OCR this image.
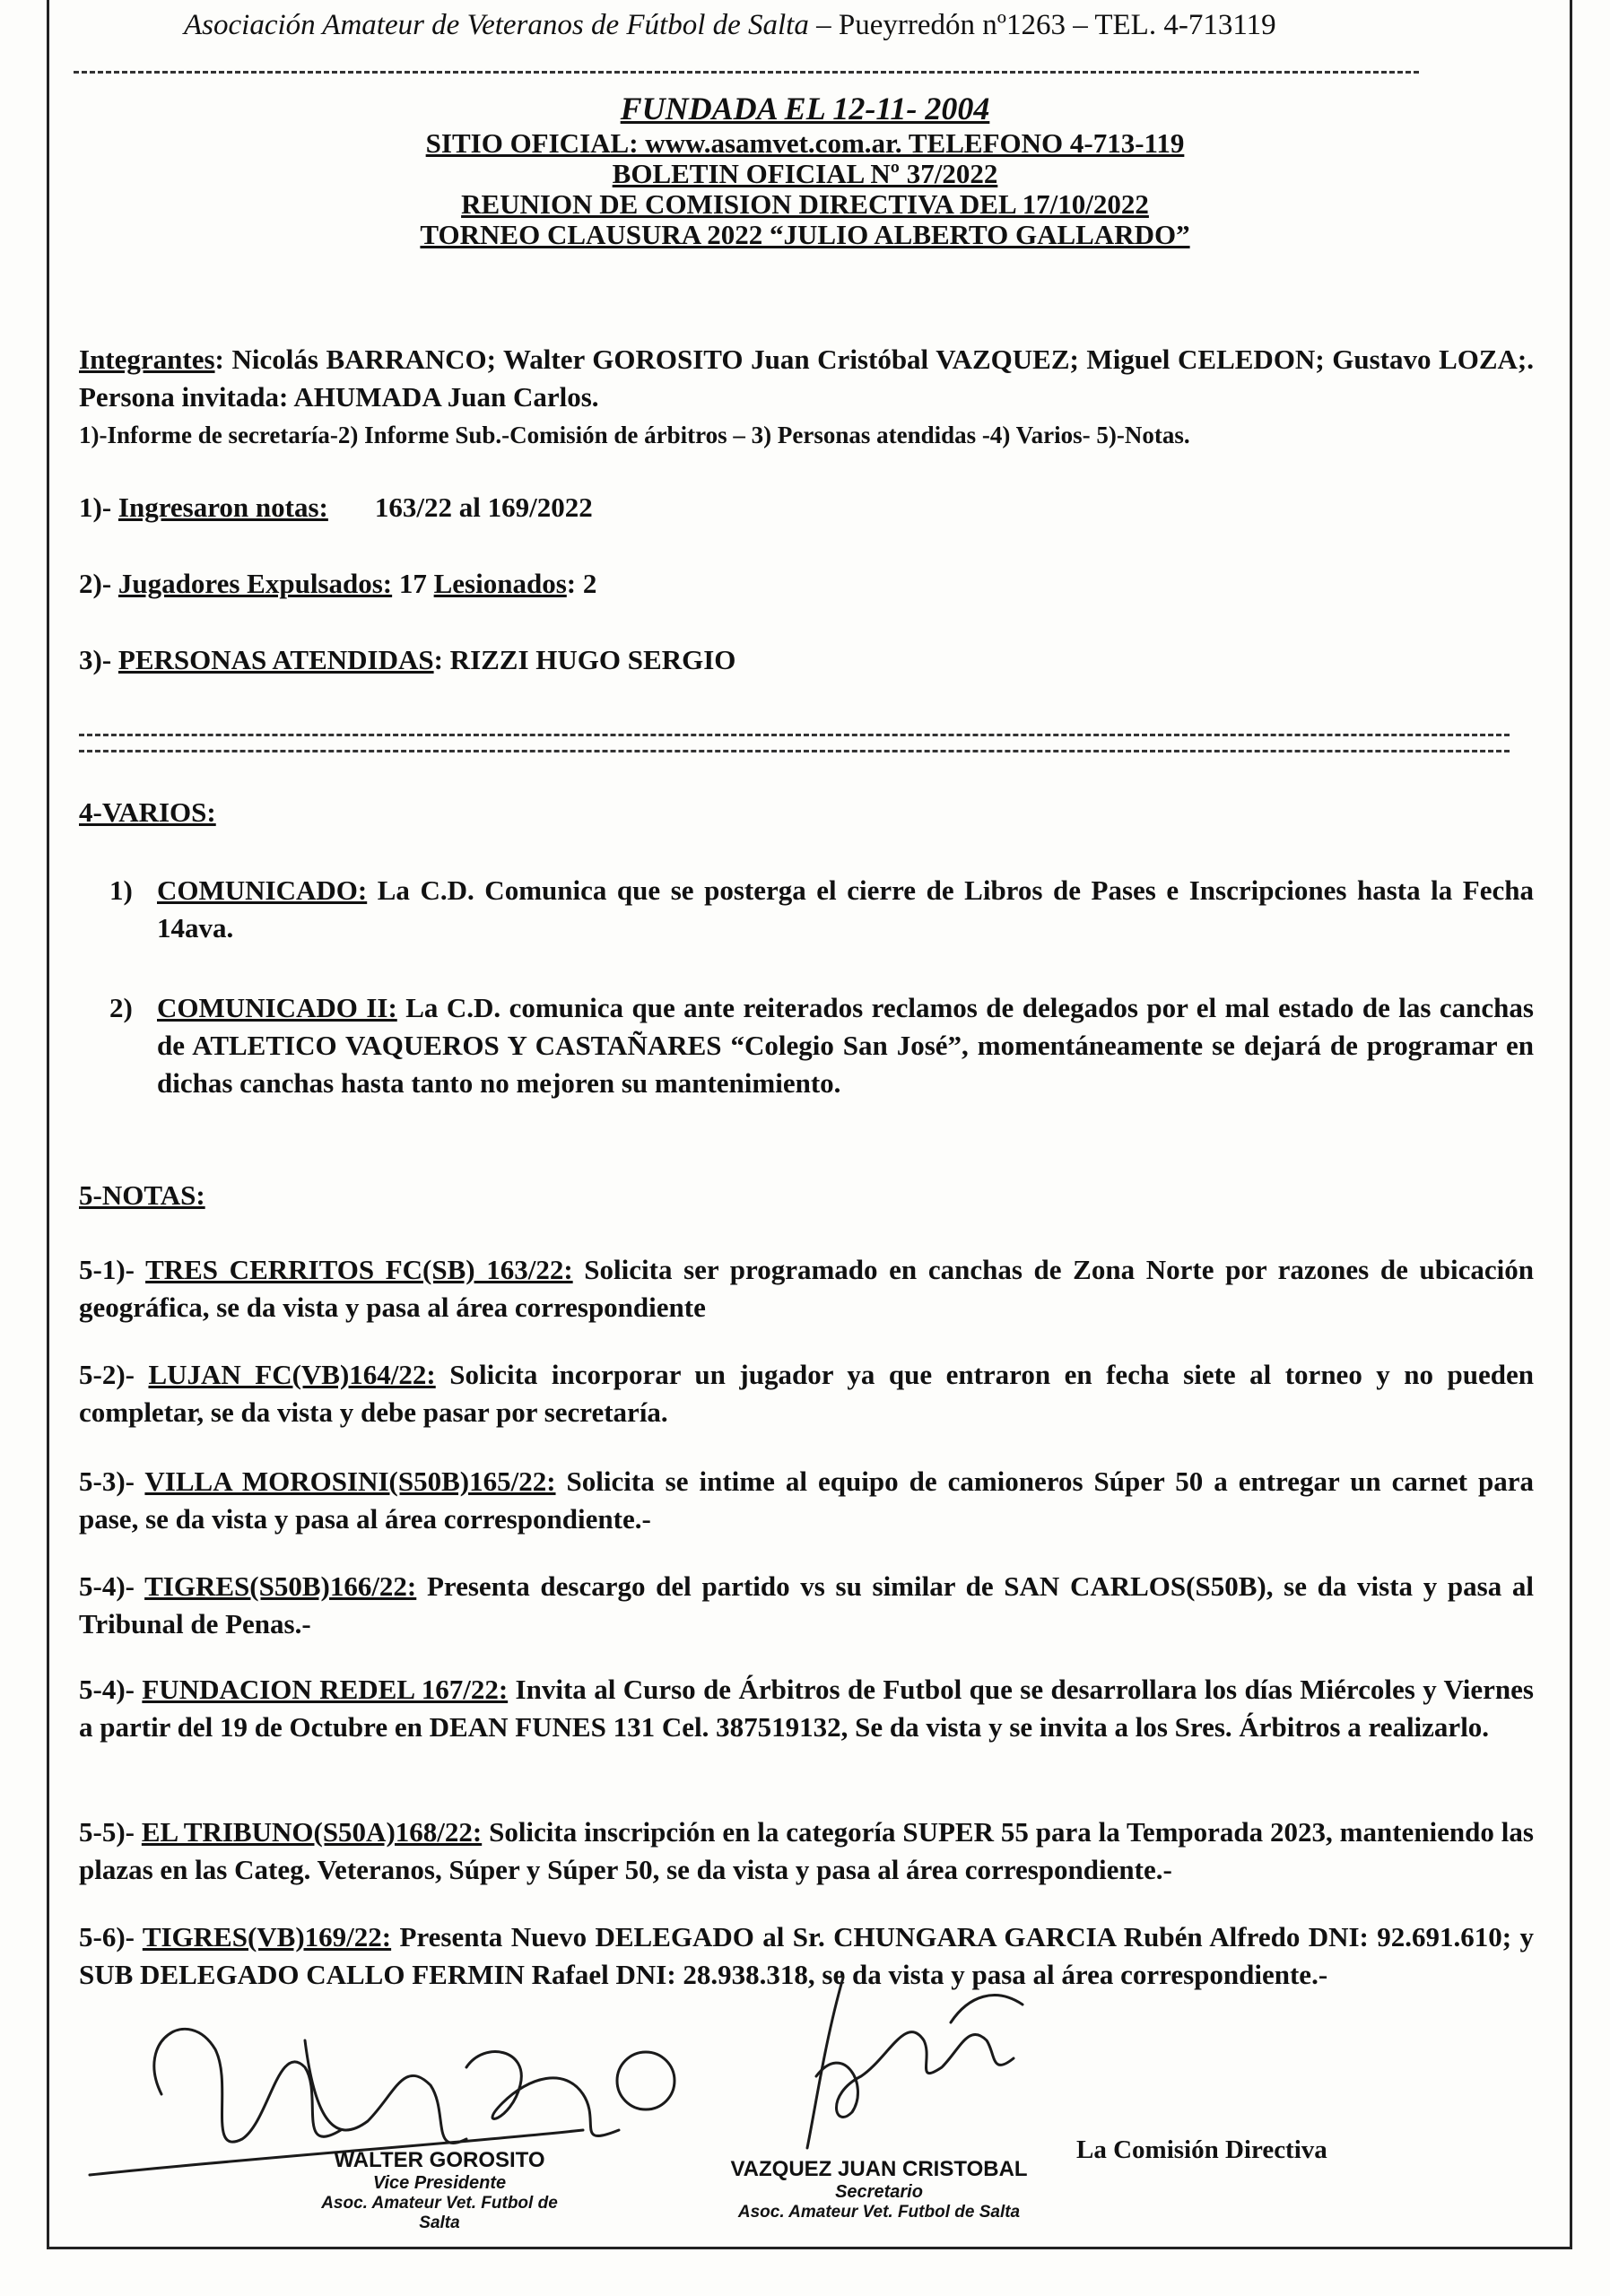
Asociación Amateur de Veteranos de Fútbol de Salta – Pueyrredón nº1263 – TEL. 4-713119
FUNDADA EL 12-11- 2004
SITIO OFICIAL: www.asamvet.com.ar. TELEFONO 4-713-119
BOLETIN OFICIAL Nº 37/2022
REUNION DE COMISION DIRECTIVA DEL 17/10/2022
TORNEO CLAUSURA 2022 “JULIO ALBERTO GALLARDO”
Integrantes: Nicolás BARRANCO; Walter GOROSITO Juan Cristóbal VAZQUEZ; Miguel CELEDON; Gustavo LOZA;. Persona invitada: AHUMADA Juan Carlos.
1)-Informe de secretaría-2) Informe Sub.-Comisión de árbitros – 3) Personas atendidas -4) Varios- 5)-Notas.
1)- Ingresaron notas: 163/22 al 169/2022
2)- Jugadores Expulsados: 17 Lesionados: 2
3)- PERSONAS ATENDIDAS: RIZZI HUGO SERGIO
4-VARIOS:
1) COMUNICADO: La C.D. Comunica que se posterga el cierre de Libros de Pases e Inscripciones hasta la Fecha 14ava.
2) COMUNICADO II: La C.D. comunica que ante reiterados reclamos de delegados por el mal estado de las canchas de ATLETICO VAQUEROS Y CASTAÑARES “Colegio San José”, momentáneamente se dejará de programar en dichas canchas hasta tanto no mejoren su mantenimiento.
5-NOTAS:
5-1)- TRES CERRITOS FC(SB) 163/22: Solicita ser programado en canchas de Zona Norte por razones de ubicación geográfica, se da vista y pasa al área correspondiente
5-2)- LUJAN FC(VB)164/22: Solicita incorporar un jugador ya que entraron en fecha siete al torneo y no pueden completar, se da vista y debe pasar por secretaría.
5-3)- VILLA MOROSINI(S50B)165/22: Solicita se intime al equipo de camioneros Súper 50 a entregar un carnet para pase, se da vista y pasa al área correspondiente.-
5-4)- TIGRES(S50B)166/22: Presenta descargo del partido vs su similar de SAN CARLOS(S50B), se da vista y pasa al Tribunal de Penas.-
5-4)- FUNDACION REDEL 167/22: Invita al Curso de Árbitros de Futbol que se desarrollara los días Miércoles y Viernes a partir del 19 de Octubre en DEAN FUNES 131 Cel. 387519132, Se da vista y se invita a los Sres. Árbitros a realizarlo.
5-5)- EL TRIBUNO(S50A)168/22: Solicita inscripción en la categoría SUPER 55 para la Temporada 2023, manteniendo las plazas en las Categ. Veteranos, Súper y Súper 50, se da vista y pasa al área correspondiente.-
5-6)- TIGRES(VB)169/22: Presenta Nuevo DELEGADO al Sr. CHUNGARA GARCIA Rubén Alfredo DNI: 92.691.610; y SUB DELEGADO CALLO FERMIN Rafael DNI: 28.938.318, se da vista y pasa al área correspondiente.-
WALTER GOROSITO
Vice Presidente
Asoc. Amateur Vet. Futbol de Salta
VAZQUEZ JUAN CRISTOBAL
Secretario
Asoc. Amateur Vet. Futbol de Salta
La Comisión Directiva
